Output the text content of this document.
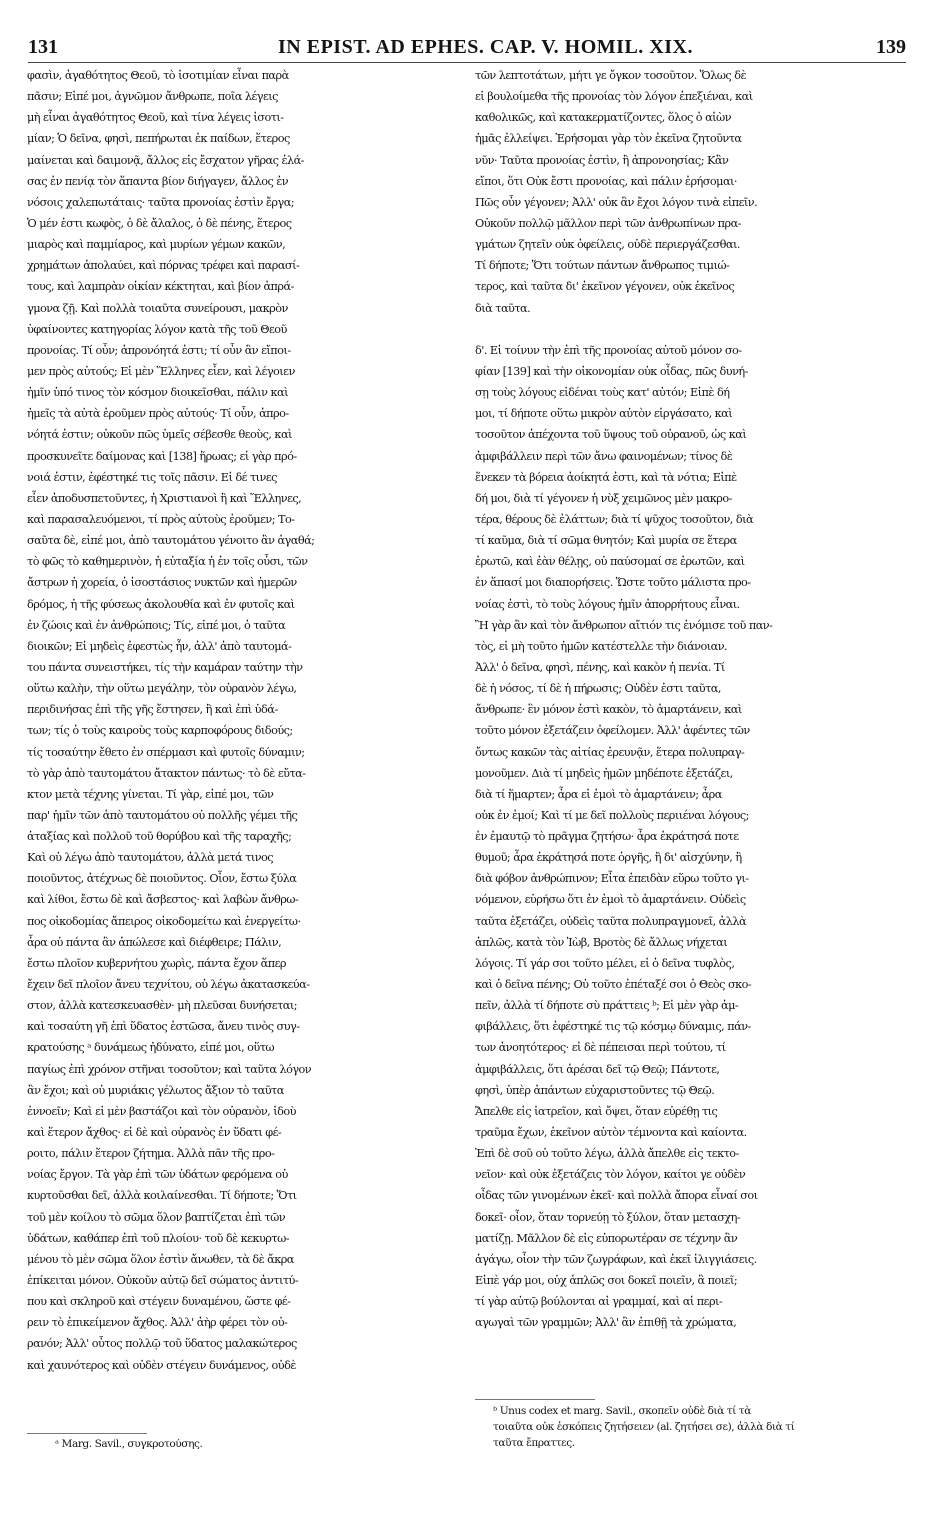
131	IN EPIST. AD EPHES. CAP. V. HOMIL. XIX.	139
φασὶν, ἀγαθότητος Θεοῦ, τὸ ἰσοτιμίαν εἶναι παρὰ
πᾶσιν; Εἰπέ μοι, ἀγνῶμον ἄνθρωπε, ποῖα λέγεις
μὴ εἶναι ἀγαθότητος Θεοῦ, καὶ τίνα λέγεις ἰσοτι-
μίαν; Ὁ δεῖνα, φησὶ, πεπήρωται ἐκ παίδων, ἕτερος
μαίνεται καὶ δαιμονᾷ, ἄλλος εἰς ἔσχατον γῆρας ἐλά-
σας ἐν πενίᾳ τὸν ἅπαντα βίον διήγαγεν, ἄλλος ἐν
νόσοις χαλεπωτάταις· ταῦτα προνοίας ἐστὶν ἔργα;
Ὁ μέν ἐστι κωφὸς, ὁ δὲ ἄλαλος, ὁ δὲ πένης, ἕτερος
μιαρὸς καὶ παμμίαρος, καὶ μυρίων γέμων κακῶν,
χρημάτων ἀπολαύει, καὶ πόρνας τρέφει καὶ παρασί-
τους, καὶ λαμπρὰν οἰκίαν κέκτηται, καὶ βίον ἀπρά-
γμονα ζῇ. Καὶ πολλὰ τοιαῦτα συνείρουσι, μακρὸν
ὑφαίνοντες κατηγορίας λόγον κατὰ τῆς τοῦ Θεοῦ
προνοίας. Τί οὖν; ἀπρονόητά ἐστι; τί οὖν ἂν εἴποι-
μεν πρὸς αὐτούς; Εἰ μὲν Ἕλληνες εἶεν, καὶ λέγοιεν
ἡμῖν ὑπό τινος τὸν κόσμον διοικεῖσθαι, πάλιν καὶ
ἡμεῖς τὰ αὐτὰ ἐροῦμεν πρὸς αὐτούς· Τί οὖν, ἀπρο-
νόητά ἐστιν; οὐκοῦν πῶς ὑμεῖς σέβεσθε θεοὺς, καὶ
προσκυνεῖτε δαίμονας καὶ [138] ἥρωας; εἰ γὰρ πρό-
νοιά ἐστιν, ἐφέστηκέ τις τοῖς πᾶσιν. Εἰ δέ τινες
εἶεν ἀποδυσπετοῦντες, ἡ Χριστιανοὶ ἢ καὶ Ἕλληνες,
καὶ παρασαλευόμενοι, τί πρὸς αὐτοὺς ἐροῦμεν; Το-
σαῦτα δὲ, εἰπέ μοι, ἀπὸ ταυτομάτου γένοιτο ἂν ἀγαθά;
τὸ φῶς τὸ καθημερινὸν, ἡ εὐταξία ἡ ἐν τοῖς οὖσι, τῶν
ἄστρων ἡ χορεία, ὁ ἰσοστάσιος νυκτῶν καὶ ἡμερῶν
δρόμος, ἡ τῆς φύσεως ἀκολουθία καὶ ἐν φυτοῖς καὶ
ἐν ζώοις καὶ ἐν ἀνθρώποις; Τίς, εἰπέ μοι, ὁ ταῦτα
διοικῶν; Εἰ μηδεὶς ἐφεστὼς ἦν, ἀλλ' ἀπὸ ταυτομά-
του πάντα συνειστήκει, τίς τὴν καμάραν ταύτην τὴν
οὕτω καλὴν, τὴν οὕτω μεγάλην, τὸν οὐρανὸν λέγω,
περιδινήσας ἐπὶ τῆς γῆς ἔστησεν, ἢ καὶ ἐπὶ ὑδά-
των; τίς ὁ τοὺς καιροὺς τοὺς καρποφόρους διδούς;
τίς τοσαύτην ἔθετο ἐν σπέρμασι καὶ φυτοῖς δύναμιν;
τὸ γὰρ ἀπὸ ταυτομάτου ἄτακτον πάντως· τὸ δὲ εὔτα-
κτον μετὰ τέχνης γίνεται. Τί γὰρ, εἰπέ μοι, τῶν
παρ' ἡμῖν τῶν ἀπὸ ταυτομάτου οὐ πολλῆς γέμει τῆς
ἀταξίας καὶ πολλοῦ τοῦ θορύβου καὶ τῆς ταραχῆς;
Καὶ οὐ λέγω ἀπὸ ταυτομάτου, ἀλλὰ μετά τινος
ποιοῦντος, ἀτέχνως δὲ ποιοῦντος. Οἷον, ἔστω ξύλα
καὶ λίθοι, ἔστω δὲ καὶ ἄσβεστος· καὶ λαβὼν ἄνθρω-
πος οἰκοδομίας ἄπειρος οἰκοδομείτω καὶ ἐνεργείτω·
ἆρα οὐ πάντα ἂν ἀπώλεσε καὶ διέφθειρε; Πάλιν,
ἔστω πλοῖον κυβερνήτου χωρὶς, πάντα ἔχον ἅπερ
ἔχειν δεῖ πλοῖον ἄνευ τεχνίτου, οὐ λέγω ἀκατασκεύα-
στον, ἀλλὰ κατεσκευασθὲν· μὴ πλεῦσαι δυνήσεται;
καὶ τοσαύτη γῆ ἐπὶ ὕδατος ἑστῶσα, ἄνευ τινὸς συγ-
κρατούσης ᵃ δυνάμεως ἠδύνατο, εἰπέ μοι, οὕτω
παγίως ἐπὶ χρόνον στῆναι τοσοῦτον; καὶ ταῦτα λόγον
ἂν ἔχοι; καὶ οὐ μυριάκις γέλωτος ἄξιον τὸ ταῦτα
ἐννοεῖν; Καὶ εἰ μὲν βαστάζοι καὶ τὸν οὐρανὸν, ἰδοὺ
καὶ ἕτερον ἄχθος· εἰ δὲ καὶ οὐρανὸς ἐν ὕδατι φέ-
ροιτο, πάλιν ἕτερον ζήτημα. Ἀλλὰ πᾶν τῆς προ-
νοίας ἔργον. Τὰ γὰρ ἐπὶ τῶν ὑδάτων φερόμενα οὐ
κυρτοῦσθαι δεῖ, ἀλλὰ κοιλαίνεσθαι. Τί δήποτε; Ὅτι
τοῦ μὲν κοίλου τὸ σῶμα ὅλον βαπτίζεται ἐπὶ τῶν
ὑδάτων, καθάπερ ἐπὶ τοῦ πλοίου· τοῦ δὲ κεκυρτω-
μένου τὸ μὲν σῶμα ὅλον ἐστὶν ἄνωθεν, τὰ δὲ ἄκρα
ἐπίκειται μόνον. Οὐκοῦν αὐτῷ δεῖ σώματος ἀντιτύ-
που καὶ σκληροῦ καὶ στέγειν δυναμένου, ὥστε φέ-
ρειν τὸ ἐπικείμενον ἄχθος. Ἀλλ' ἀὴρ φέρει τὸν οὐ-
ρανόν; Ἀλλ' οὗτος πολλῷ τοῦ ὕδατος μαλακώτερος
καὶ χαυνότερος καὶ οὐδὲν στέγειν δυνάμενος, οὐδὲ
τῶν λεπτοτάτων, μήτι γε ὄγκον τοσοῦτον. Ὅλως δὲ
εἰ βουλοίμεθα τῆς προνοίας τὸν λόγον ἐπεξιέναι, καὶ
καθολικῶς, καὶ κατακερματίζοντες, ὅλος ὁ αἰὼν
ἡμᾶς ἐλλείψει. Ἐρήσομαι γὰρ τὸν ἐκεῖνα ζητοῦντα
νῦν· Ταῦτα προνοίας ἐστὶν, ἢ ἀπρονοησίας; Κἂν
εἴποι, ὅτι Οὐκ ἔστι προνοίας, καὶ πάλιν ἐρήσομαι·
Πῶς οὖν γέγονεν; Ἀλλ' οὐκ ἂν ἔχοι λόγον τινὰ εἰπεῖν.
Οὐκοῦν πολλῷ μᾶλλον περὶ τῶν ἀνθρωπίνων πρα-
γμάτων ζητεῖν οὐκ ὀφείλεις, οὐδὲ περιεργάζεσθαι.
Τί δήποτε; Ὅτι τούτων πάντων ἄνθρωπος τιμιώ-
τερος, καὶ ταῦτα δι' ἐκεῖνον γέγονεν, οὐκ ἐκεῖνος
διὰ ταῦτα.
δ'. Εἰ τοίνυν τὴν ἐπὶ τῆς προνοίας αὐτοῦ μόνον σο-
φίαν [139] καὶ τὴν οἰκονομίαν οὐκ οἶδας, πῶς δυνή-
σῃ τοὺς λόγους εἰδέναι τοὺς κατ' αὐτόν; Εἰπὲ δή
μοι, τί δήποτε οὕτω μικρὸν αὐτὸν εἰργάσατο, καὶ
τοσοῦτον ἀπέχοντα τοῦ ὕψους τοῦ οὐρανοῦ, ὡς καὶ
ἀμφιβάλλειν περὶ τῶν ἄνω φαινομένων; τίνος δὲ
ἕνεκεν τὰ βόρεια ἀοίκητά ἐστι, καὶ τὰ νότια; Εἰπὲ
δή μοι, διὰ τί γέγονεν ἡ νὺξ χειμῶνος μὲν μακρο-
τέρα, θέρους δὲ ἐλάττων; διὰ τί ψῦχος τοσοῦτον, διὰ
τί καῦμα, διὰ τί σῶμα θνητόν; Καὶ μυρία σε ἕτερα
ἐρωτῶ, καὶ ἐὰν θέλῃς, οὐ παύσομαί σε ἐρωτῶν, καὶ
ἐν ἅπασί μοι διαπορήσεις. Ὥστε τοῦτο μάλιστα προ-
νοίας ἐστὶ, τὸ τοὺς λόγους ἡμῖν ἀπορρήτους εἶναι.
Ἢ γὰρ ἂν καὶ τὸν ἄνθρωπον αἴτιόν τις ἐνόμισε τοῦ παν-
τὸς, εἰ μὴ τοῦτο ἡμῶν κατέστελλε τὴν διάνοιαν.
Ἀλλ' ὁ δεῖνα, φησὶ, πένης, καὶ κακὸν ἡ πενία. Τί
δὲ ἡ νόσος, τί δὲ ἡ πήρωσις; Οὐδὲν ἐστι ταῦτα,
ἄνθρωπε· ἓν μόνον ἐστὶ κακὸν, τὸ ἁμαρτάνειν, καὶ
τοῦτο μόνον ἐξετάζειν ὀφείλομεν. Ἀλλ' ἀφέντες τῶν
ὄντως κακῶν τὰς αἰτίας ἐρευνᾷν, ἕτερα πολυπραγ-
μονοῦμεν. Διὰ τί μηδεὶς ἡμῶν μηδέποτε ἐξετάζει,
διὰ τί ἥμαρτεν; ἆρα εἰ ἐμοὶ τὸ ἁμαρτάνειν; ἆρα
οὐκ ἐν ἐμοί; Καὶ τί με δεῖ πολλοὺς περιιέναι λόγους;
ἐν ἐμαυτῷ τὸ πρᾶγμα ζητήσω· ἆρα ἐκράτησά ποτε
θυμοῦ; ἆρα ἐκράτησά ποτε ὀργῆς, ἢ δι' αἰσχύνην, ἢ
διὰ φόβον ἀνθρώπινον; Εἶτα ἐπειδὰν εὕρω τοῦτο γι-
νόμενον, εὑρήσω ὅτι ἐν ἐμοὶ τὸ ἁμαρτάνειν. Οὐδεὶς
ταῦτα ἐξετάζει, οὐδεὶς ταῦτα πολυπραγμονεῖ, ἀλλὰ
ἁπλῶς, κατὰ τὸν Ἰὼβ, Βροτὸς δὲ ἄλλως νήχεται
λόγοις. Τί γάρ σοι τοῦτο μέλει, εἰ ὁ δεῖνα τυφλὸς,
καὶ ὁ δεῖνα πένης; Οὐ τοῦτο ἐπέταξέ σοι ὁ Θεὸς σκο-
πεῖν, ἀλλὰ τί δήποτε σὺ πράττεις ᵇ; Εἰ μὲν γὰρ ἀμ-
φιβάλλεις, ὅτι ἐφέστηκέ τις τῷ κόσμῳ δύναμις, πάν-
των ἀνοητότερος· εἰ δὲ πέπεισαι περὶ τούτου, τί
ἀμφιβάλλεις, ὅτι ἀρέσαι δεῖ τῷ Θεῷ; Πάντοτε,
φησὶ, ὑπὲρ ἁπάντων εὐχαριστοῦντες τῷ Θεῷ.
Ἄπελθε εἰς ἰατρεῖον, καὶ ὄψει, ὅταν εὑρέθῃ τις
τραῦμα ἔχων, ἐκεῖνον αὐτὸν τέμνοντα καὶ καίοντα.
Ἐπὶ δὲ σοῦ οὐ τοῦτο λέγω, ἀλλὰ ἄπελθε εἰς τεκτο-
νεῖον· καὶ οὐκ ἐξετάζεις τὸν λόγον, καίτοι γε οὐδὲν
οἶδας τῶν γινομένων ἐκεῖ· καὶ πολλὰ ἄπορα εἶναί σοι
δοκεῖ· οἷον, ὅταν τορνεύῃ τὸ ξύλον, ὅταν μετασχη-
ματίζῃ. Μᾶλλον δὲ εἰς εὐπορωτέραν σε τέχνην ἂν
ἀγάγω, οἷον τὴν τῶν ζωγράφων, καὶ ἐκεῖ ἰλιγγιάσεις.
Εἰπὲ γάρ μοι, οὐχ ἁπλῶς σοι δοκεῖ ποιεῖν, ἃ ποιεῖ;
τί γὰρ αὐτῷ βούλονται αἱ γραμμαί, καὶ αἱ περι-
αγωγαὶ τῶν γραμμῶν; Ἀλλ' ἂν ἐπιθῇ τὰ χρώματα,
ᵃ Marg. Savil., συγκροτούσης.
ᵇ Unus codex et marg. Savil., σκοπεῖν οὐδὲ διὰ τί τὰ
τοιαῦτα οὐκ ἐσκόπεις ζητήσειεν (al. ζητήσει σε), ἀλλὰ διὰ τί
ταῦτα ἔπραττες.
